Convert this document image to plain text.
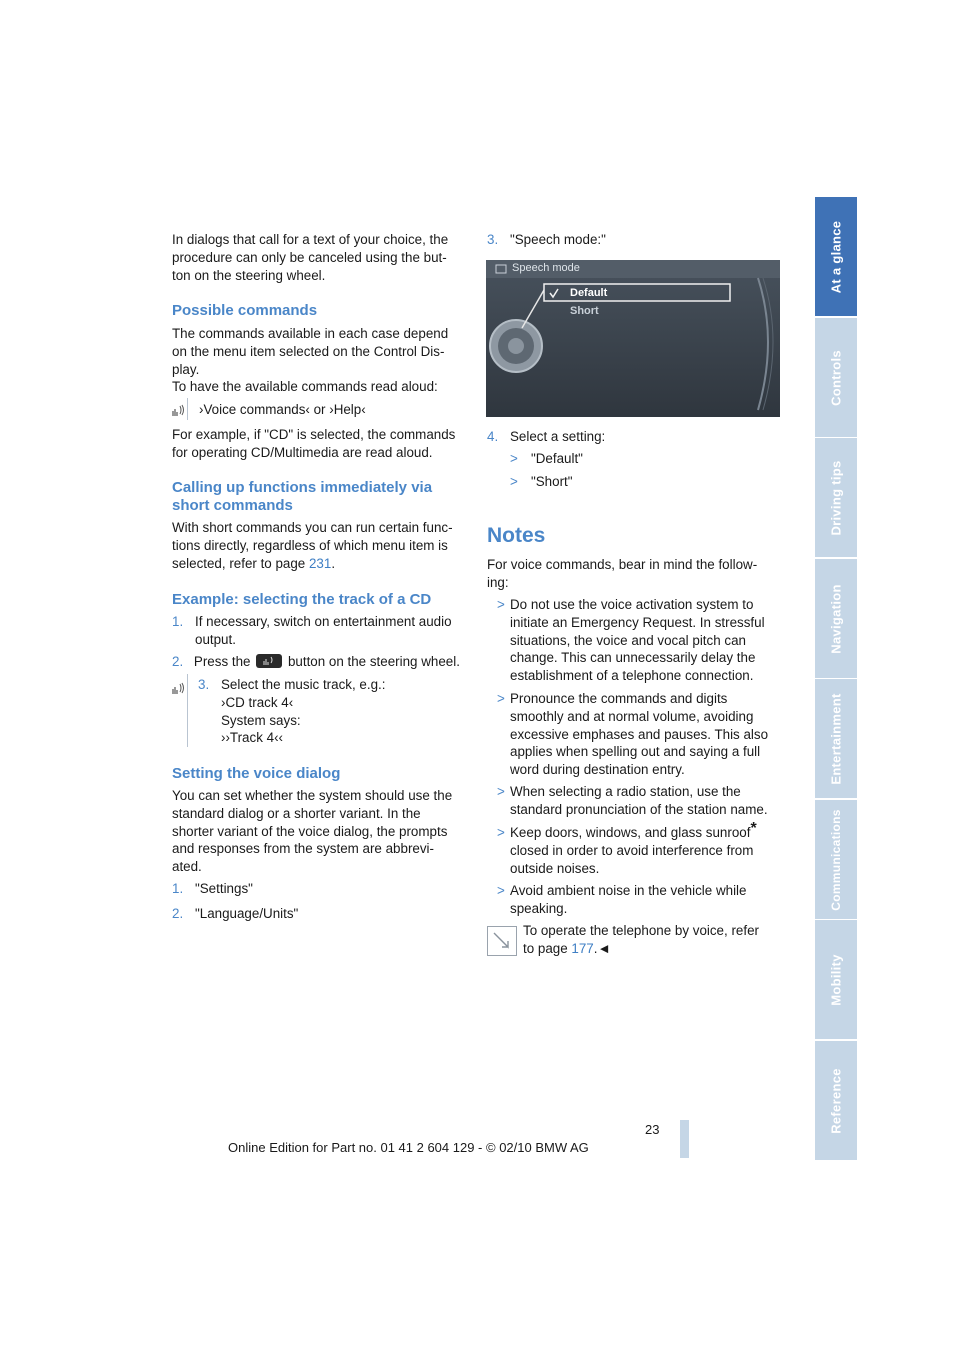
In dialogs that call for a text of your choice, the
procedure can only be canceled using the but-
ton on the steering wheel.
Possible commands
The commands available in each case depend
on the menu item selected on the Control Dis-
play.
To have the available commands read aloud:
›Voice commands‹ or ›Help‹
For example, if "CD" is selected, the commands
for operating CD/Multimedia are read aloud.
Calling up functions immediately via
short commands
With short commands you can run certain func-
tions directly, regardless of which menu item is
selected, refer to page 231.
Example: selecting the track of a CD
1. If necessary, switch on entertainment audio
output.
2. Press the	button on the steering wheel.
3. Select the music track, e.g.:
›CD track 4‹
System says:
››Track 4‹‹
Setting the voice dialog
You can set whether the system should use the
standard dialog or a shorter variant. In the
shorter variant of the voice dialog, the prompts
and responses from the system are abbrevi-
ated.
1. "Settings"
2. "Language/Units"
3. "Speech mode:"
Speech mode
Default
Short
4. Select a setting:
> "Default"
> "Short"
Notes
For voice commands, bear in mind the follow-
ing:
> Do not use the voice activation system to
initiate an Emergency Request. In stressful
situations, the voice and vocal pitch can
change. This can unnecessarily delay the
establishment of a telephone connection.
> Pronounce the commands and digits
smoothly and at normal volume, avoiding
excessive emphases and pauses. This also
applies when spelling out and saying a full
word during destination entry.
> When selecting a radio station, use the
standard pronunciation of the station name.
> Keep doors, windows, and glass sunroof*
closed in order to avoid interference from
outside noises.
> Avoid ambient noise in the vehicle while
speaking.
To operate the telephone by voice, refer
to page 177.◄
At a glance
Controls
Driving tips
Navigation
Entertainment
Communications
Mobility
Reference
23
Online Edition for Part no. 01 41 2 604 129 - © 02/10 BMW AG
